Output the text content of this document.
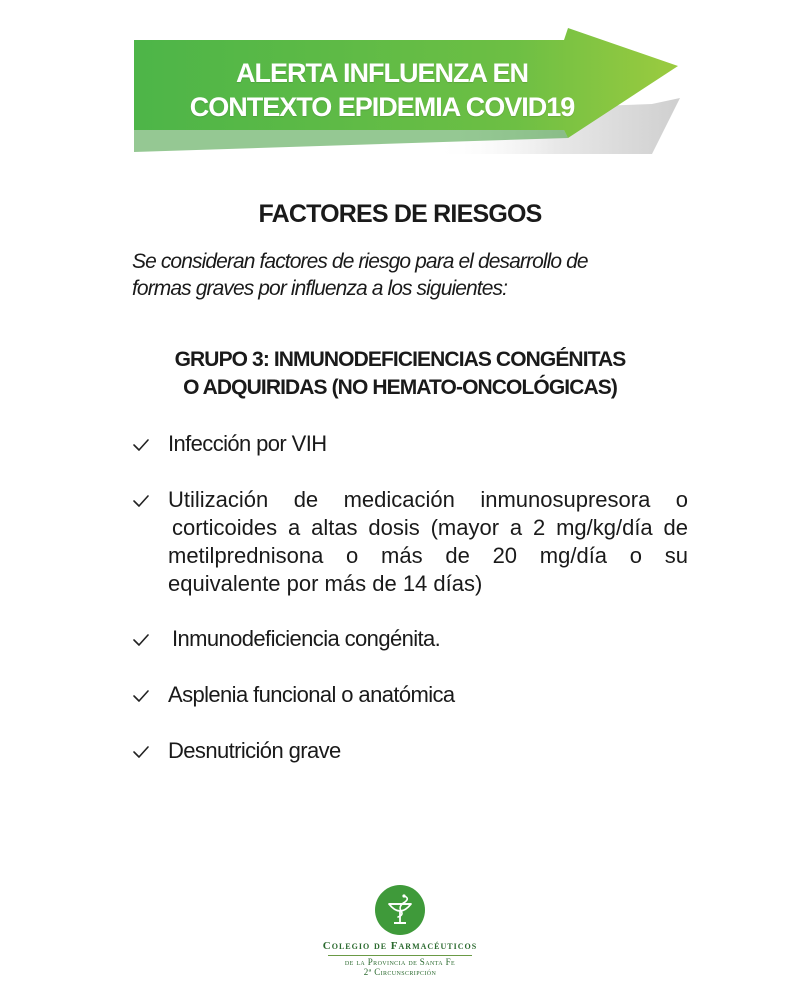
ALERTA INFLUENZA EN
CONTEXTO EPIDEMIA COVID19
FACTORES DE RIESGOS

Se consideran factores de riesgo para el desarrollo de
formas graves por influenza a los siguientes:

GRUPO 3: INMUNODEFICIENCIAS CONGÉNITAS
O ADQUIRIDAS (NO HEMATO-ONCOLÓGICAS)
Infección por VIH
Utilización de medicación inmunosupresora o
corticoides a altas dosis (mayor a 2 mg/kg/día de
metilprednisona o más de 20 mg/día o su
equivalente por más de 14 días)
Inmunodeficiencia congénita.
Asplenia funcional o anatómica
Desnutrición grave
Colegio de Farmacéuticos
de la Provincia de Santa Fe
2ª Circunscripción
